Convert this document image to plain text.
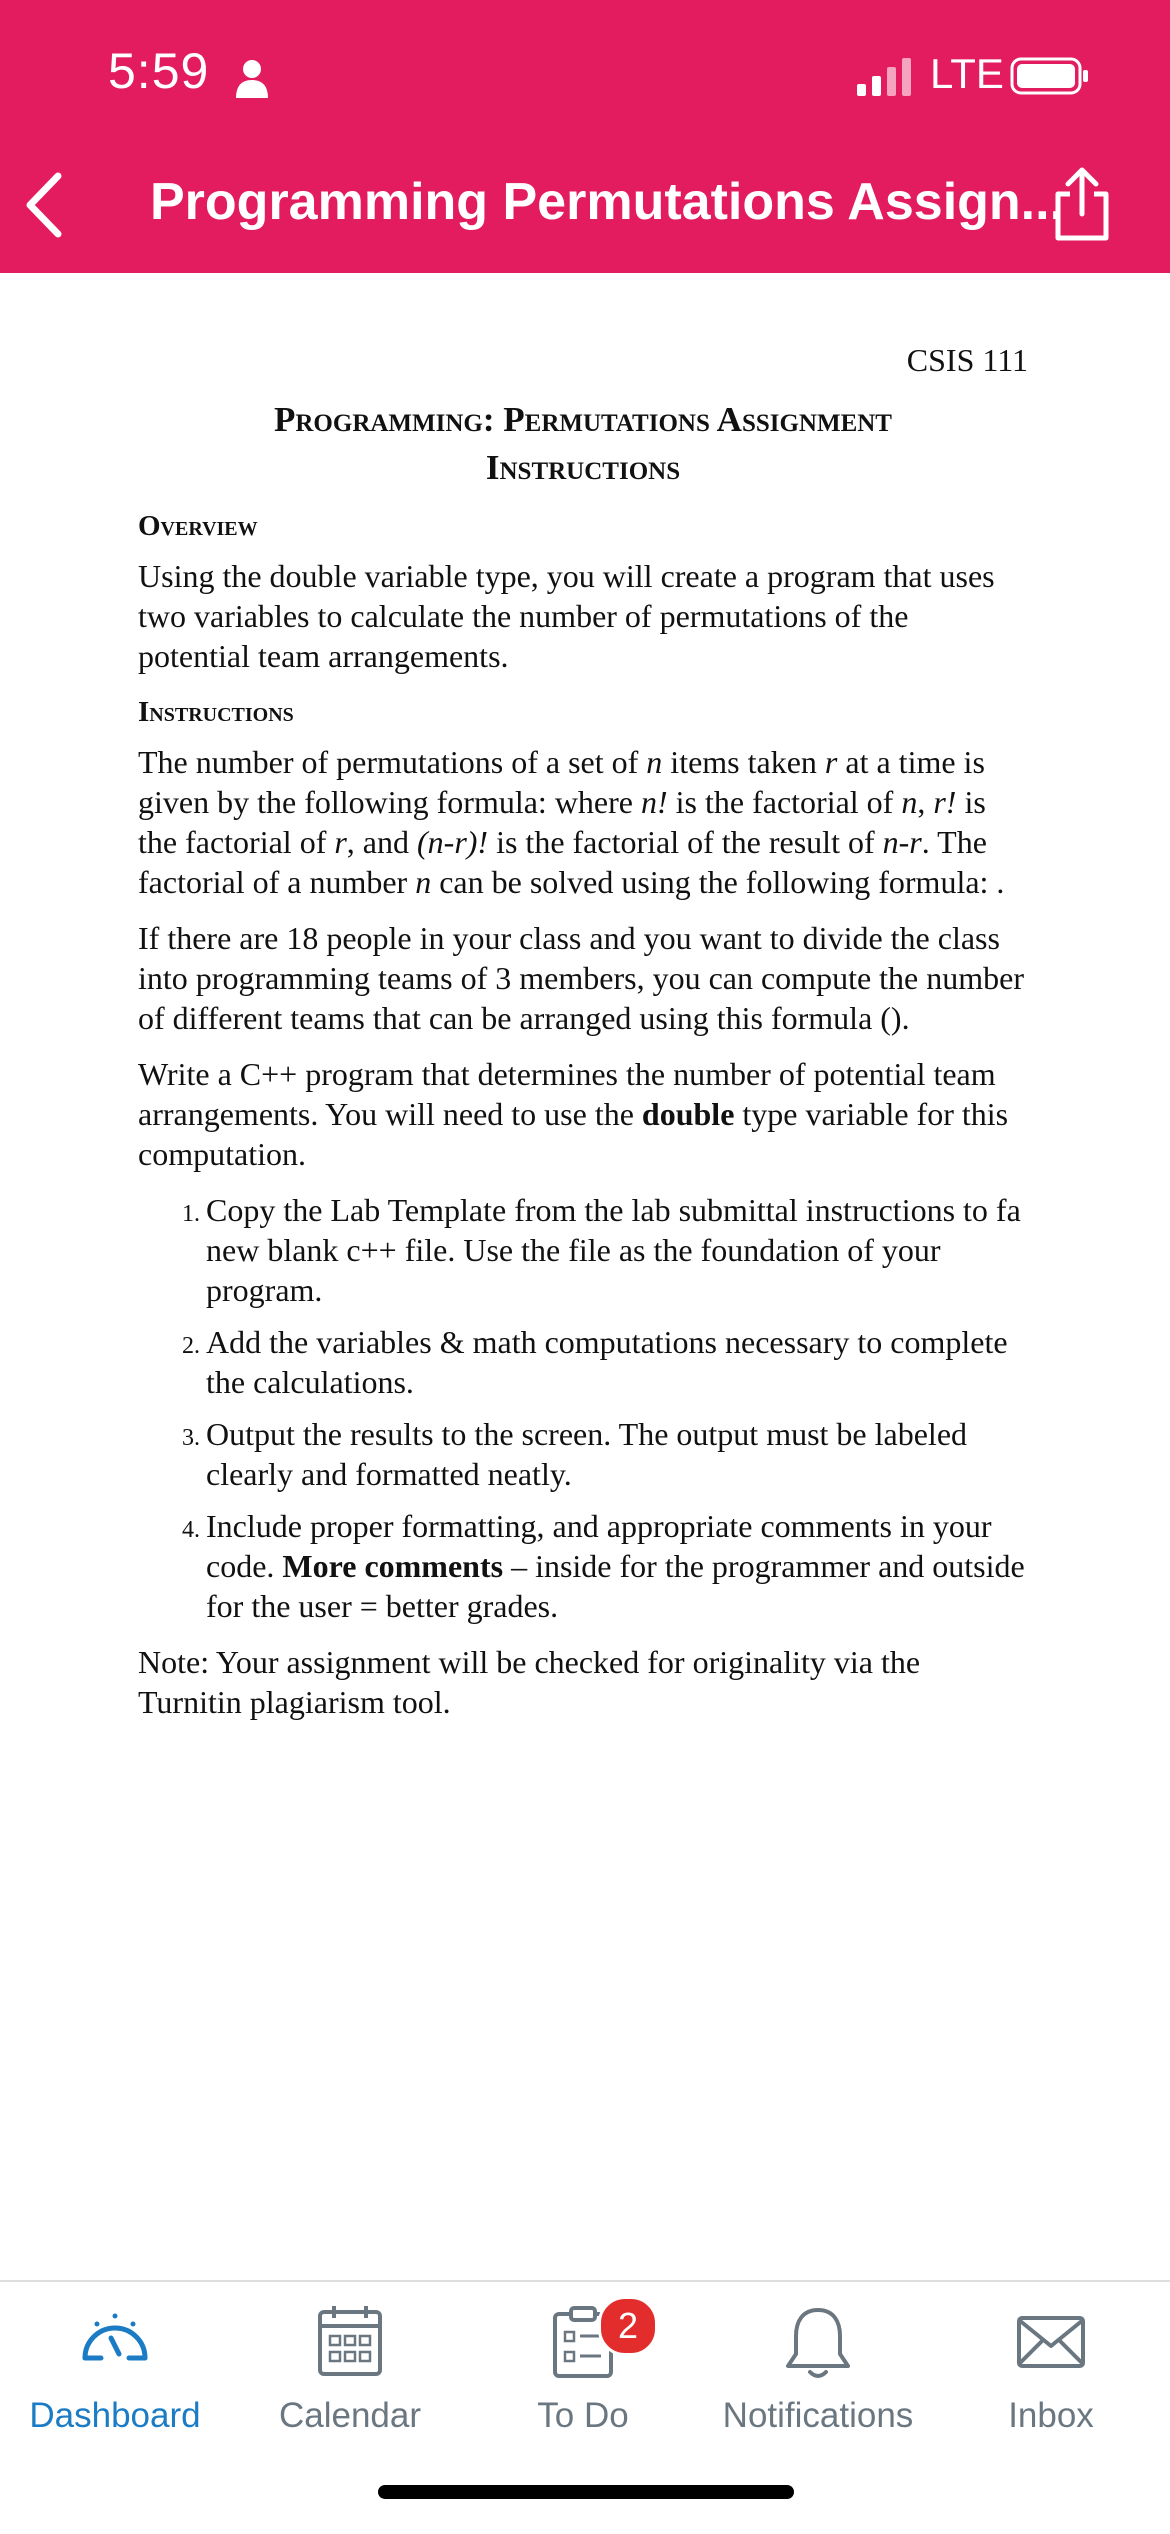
5:59	LTE
Programming Permutations Assign...
CSIS 111
Programming: Permutations Assignment
Instructions
Overview

Using the double variable type, you will create a program that uses two variables to calculate the number of permutations of the potential team arrangements.

Instructions

The number of permutations of a set of n items taken r at a time is given by the following formula: where n! is the factorial of n, r! is the factorial of r, and (n-r)! is the factorial of the result of n-r. The factorial of a number n can be solved using the following formula: .

If there are 18 people in your class and you want to divide the class into programming teams of 3 members, you can compute the number of different teams that can be arranged using this formula ().

Write a C++ program that determines the number of potential team arrangements. You will need to use the double type variable for this computation.

1. Copy the Lab Template from the lab submittal instructions to fa new blank c++ file. Use the file as the foundation of your program.
2. Add the variables & math computations necessary to complete the calculations.
3. Output the results to the screen. The output must be labeled clearly and formatted neatly.
4. Include proper formatting, and appropriate comments in your code. More comments – inside for the programmer and outside for the user = better grades.

Note: Your assignment will be checked for originality via the Turnitin plagiarism tool.

Dashboard	Calendar
2
To Do	Notifications	Inbox
